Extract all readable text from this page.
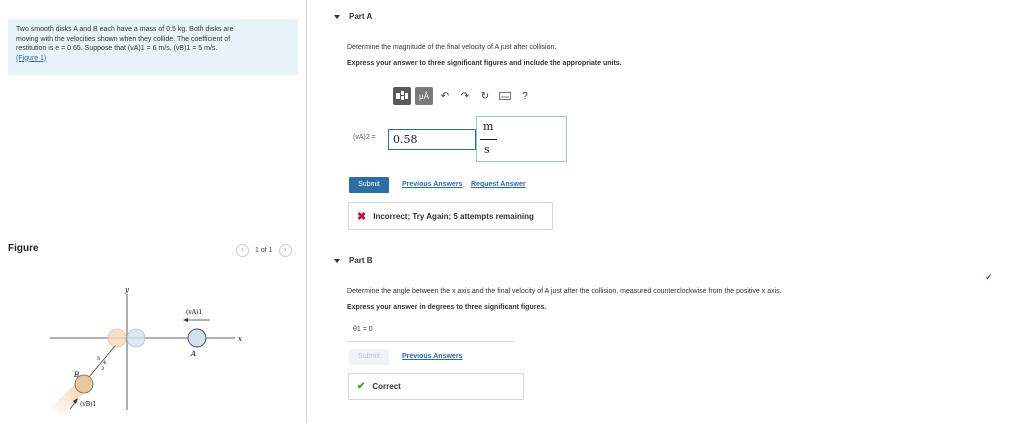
Two smooth disks A and B each have a mass of 0.5 kg. Both disks are
moving with the velocities shown when they collide. The coefficient of
restitution is e = 0.65. Suppose that (vA)1 = 6 m/s, (vB)1 = 5 m/s.
(Figure 1)
Figure	‹	1 of 1	›
y
x
B
5
4
3
(vB)1
A
(vA)1
Part A
Determine the magnitude of the final velocity of A just after collision.
Express your answer to three significant figures and include the appropriate units.
μÅ	↶	↷	↻	?
(vA)2 =	0.58
m
s
Submit	Previous Answers Request Answer
✖ Incorrect; Try Again; 5 attempts remaining
Part B
✓
Determine the angle between the x axis and the final velocity of A just after the collision, measured counterclockwise from the positive x axis.
Express your answer in degrees to three significant figures.
θ1 = 0
Submit	Previous Answers
✔ Correct
